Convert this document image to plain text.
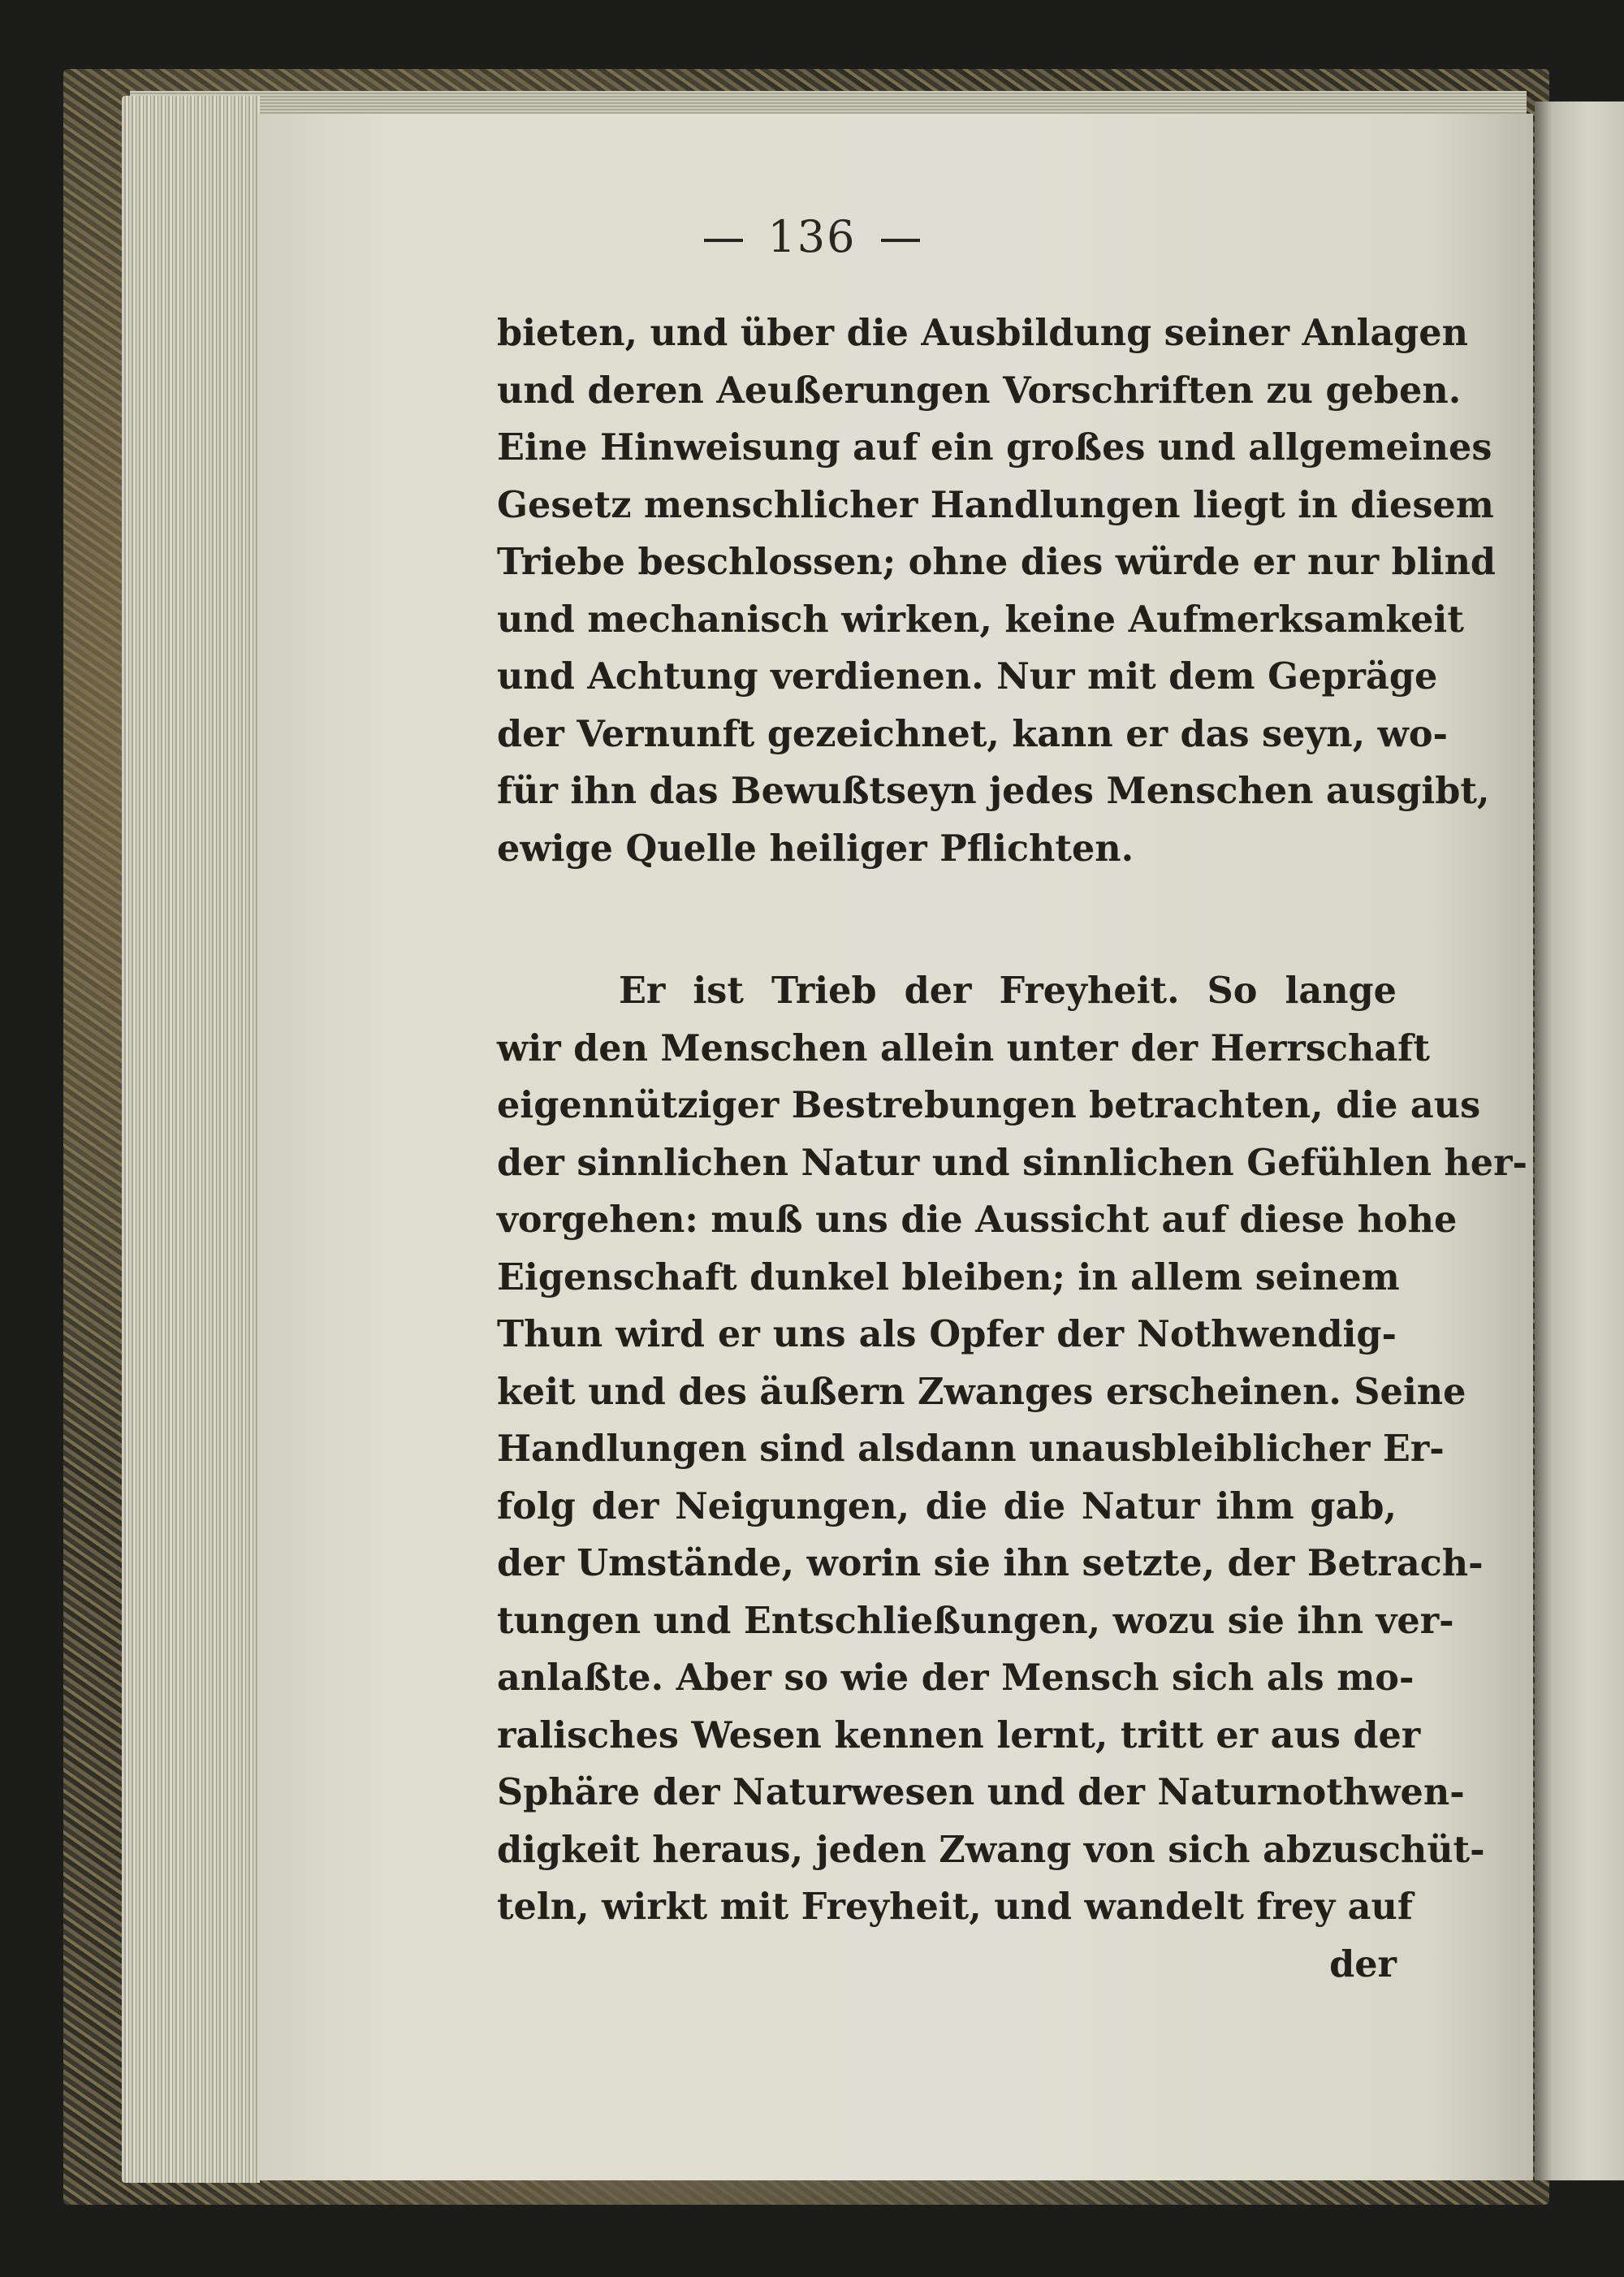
136
bieten, und über die Ausbildung seiner Anlagen
und deren Aeußerungen Vorschriften zu geben.
Eine Hinweisung auf ein großes und allgemeines
Gesetz menschlicher Handlungen liegt in diesem
Triebe beschlossen; ohne dies würde er nur blind
und mechanisch wirken, keine Aufmerksamkeit
und Achtung verdienen. Nur mit dem Gepräge
der Vernunft gezeichnet, kann er das seyn, wo-
für ihn das Bewußtseyn jedes Menschen ausgibt,
ewige Quelle heiliger Pflichten.
Er ist Trieb der Freyheit. So lange
wir den Menschen allein unter der Herrschaft
eigennütziger Bestrebungen betrachten, die aus
der sinnlichen Natur und sinnlichen Gefühlen her-
vorgehen: muß uns die Aussicht auf diese hohe
Eigenschaft dunkel bleiben; in allem seinem
Thun wird er uns als Opfer der Nothwendig-
keit und des äußern Zwanges erscheinen. Seine
Handlungen sind alsdann unausbleiblicher Er-
folg der Neigungen, die die Natur ihm gab,
der Umstände, worin sie ihn setzte, der Betrach-
tungen und Entschließungen, wozu sie ihn ver-
anlaßte. Aber so wie der Mensch sich als mo-
ralisches Wesen kennen lernt, tritt er aus der
Sphäre der Naturwesen und der Naturnothwen-
digkeit heraus, jeden Zwang von sich abzuschüt-
teln, wirkt mit Freyheit, und wandelt frey auf
der
